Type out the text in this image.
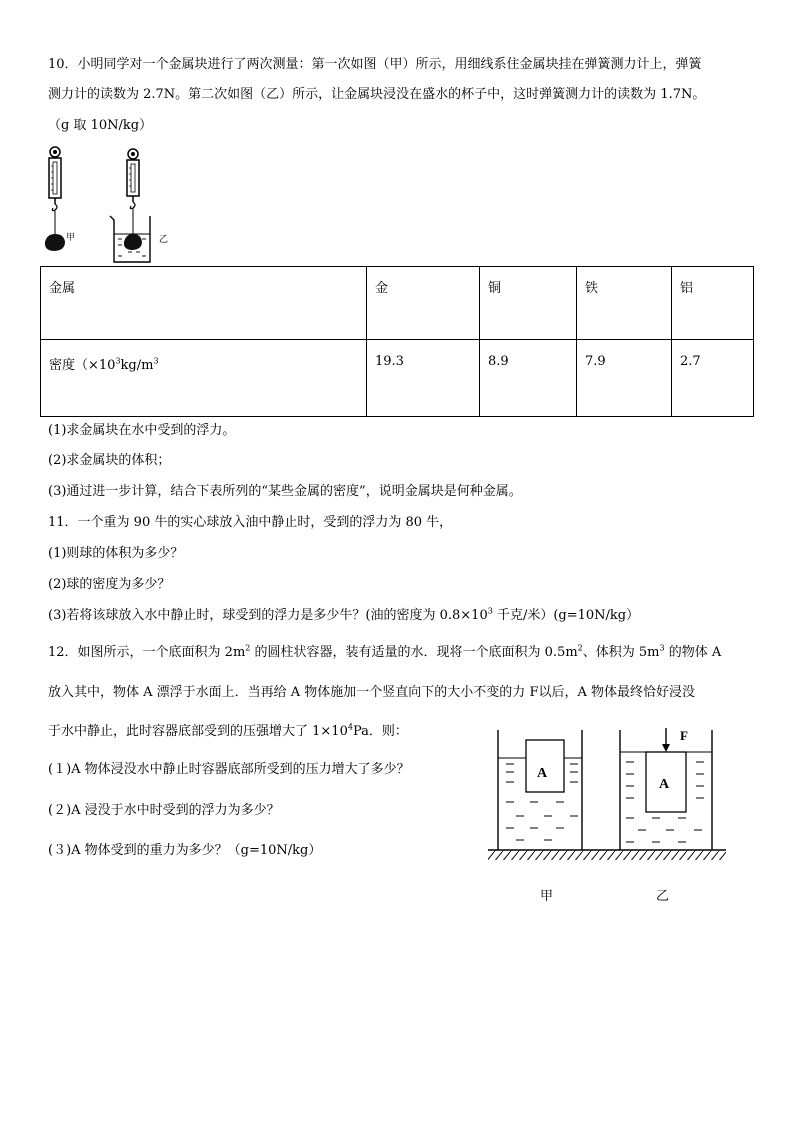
10．小明同学对一个金属块进行了两次测量：第一次如图（甲）所示，用细线系住金属块挂在弹簧测力计上，弹簧
测力计的读数为 2.7N。第二次如图（乙）所示，让金属块浸没在盛水的杯子中，这时弹簧测力计的读数为 1.7N。
（g 取 10N/kg）
甲	乙
金属	金	铜	铁	铝
密度（$\times 10^3kg/m^3$	19.3	8.9	7.9	2.7
(1)求金属块在水中受到的浮力。
(2)求金属块的体积；
(3)通过进一步计算，结合下表所列的“某些金属的密度”，说明金属块是何种金属。
11．一个重为 90 牛的实心球放入油中静止时，受到的浮力为 80 牛，
(1)则球的体积为多少？
(2)球的密度为多少？
(3)若将该球放入水中静止时，球受到的浮力是多少牛？(油的密度为 $0.8\times 10^3$ 千克/米）(g=10N/kg）
12．如图所示，一个底面积为 $2m^2$ 的圆柱状容器，装有适量的水．现将一个底面积为 $0.5m^2$、体积为 $5m^3$ 的物体 A
放入其中，物体 A 漂浮于水面上．当再给 A 物体施加一个竖直向下的大小不变的力 F以后，A 物体最终恰好浸没
于水中静止，此时容器底部受到的压强增大了 $1\times 10^4Pa$．则：
(１)A 物体浸没水中静止时容器底部所受到的压力增大了多少？
(２)A 浸没于水中时受到的浮力为多少？
(３)A 物体受到的重力为多少？（g=10N/kg）
A
A
F
甲	乙
